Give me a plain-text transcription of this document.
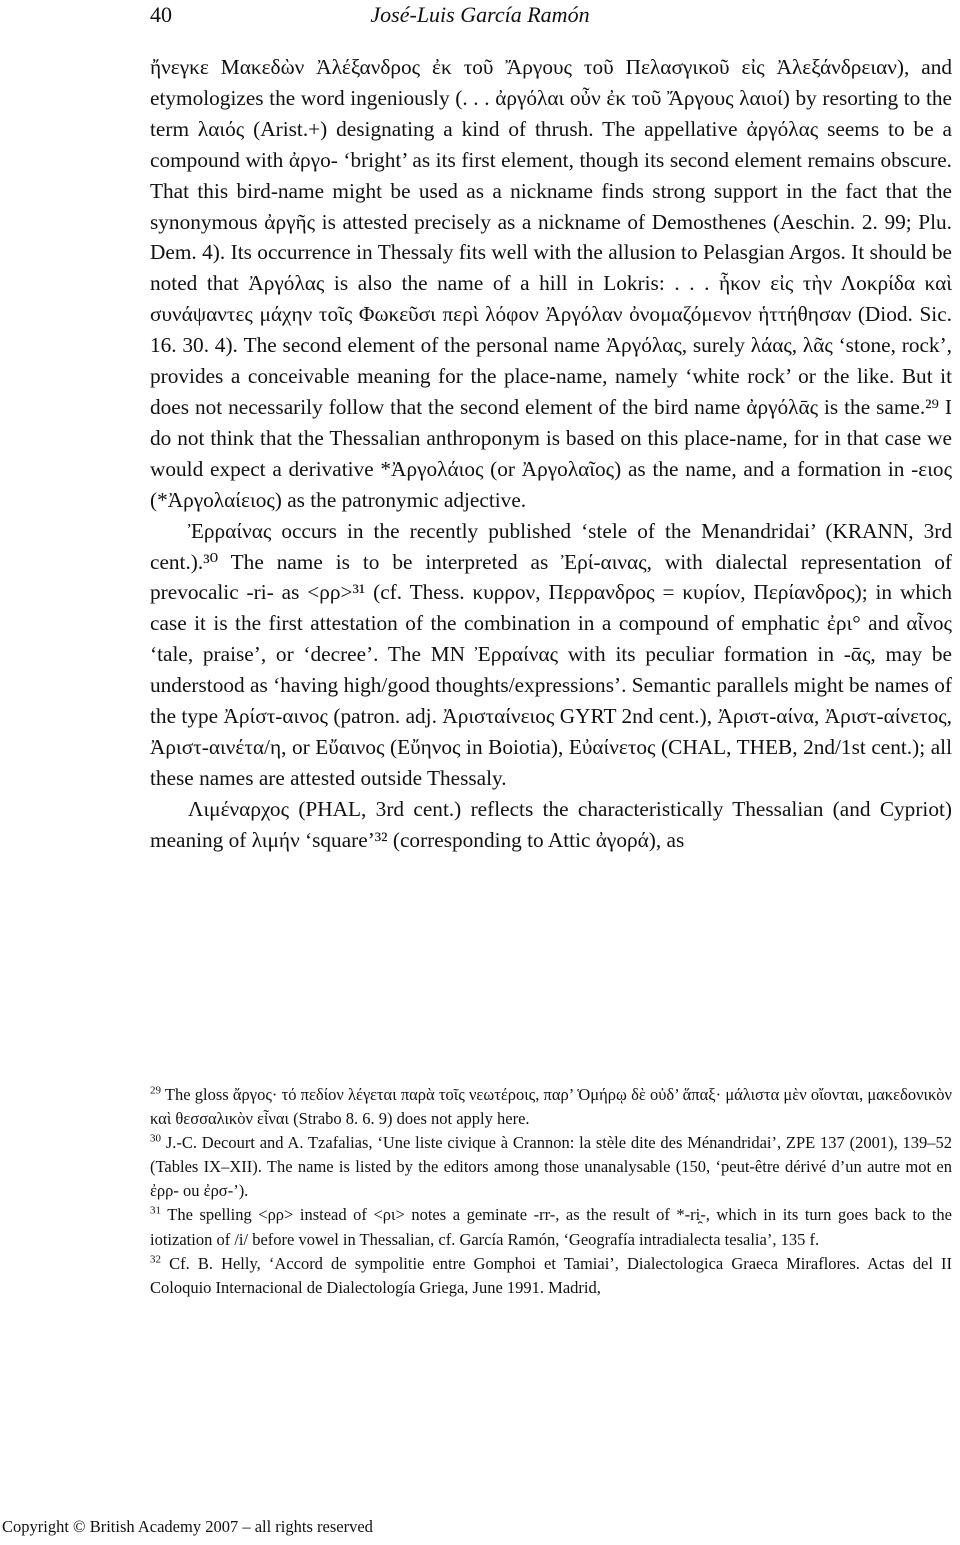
40	José-Luis García Ramón

ἤνεγκε Μακεδὼν Ἀλέξανδρος ἐκ τοῦ Ἄργους τοῦ Πελασγικοῦ εἰς Ἀλεξάνδρειαν), and etymologizes the word ingeniously (. . . ἀργόλαι οὖν ἐκ τοῦ Ἄργους λαιοί) by resorting to the term λαιός (Arist.+) designating a kind of thrush. The appellative ἀργόλας seems to be a compound with ἀργο- ‘bright’ as its first element, though its second element remains obscure. That this bird-name might be used as a nickname finds strong support in the fact that the synonymous ἀργῆς is attested precisely as a nickname of Demosthenes (Aeschin. 2. 99; Plu. Dem. 4). Its occurrence in Thessaly fits well with the allusion to Pelasgian Argos. It should be noted that Ἀργόλας is also the name of a hill in Lokris: . . . ἧκον εἰς τὴν Λοκρίδα καὶ συνάψαντες μάχην τοῖς Φωκεῦσι περὶ λόφον Ἀργόλαν ὀνομαζόμενον ἡττήθησαν (Diod. Sic. 16. 30. 4). The second element of the personal name Ἀργόλας, surely λάας, λᾶς ‘stone, rock’, provides a conceivable meaning for the place-name, namely ‘white rock’ or the like. But it does not necessarily follow that the second element of the bird name ἀργόλᾱς is the same.²⁹ I do not think that the Thessalian anthroponym is based on this place-name, for in that case we would expect a derivative *Ἀργολάιος (or Ἀργολαῖος) as the name, and a formation in -ειος (*Ἀργολαίειος) as the patronymic adjective.

Ἐρραίνας occurs in the recently published ‘stele of the Menandridai’ (KRANN, 3rd cent.).³⁰ The name is to be interpreted as Ἐρί-αινας, with dialectal representation of prevocalic -ri- as <ρρ>³¹ (cf. Thess. κυρρον, Περρανδρος = κυρίον, Περίανδρος); in which case it is the first attestation of the combination in a compound of emphatic ἐρι° and αἶνος ‘tale, praise’, or ‘decree’. The MN Ἐρραίνας with its peculiar formation in -ᾱς, may be understood as ‘having high/good thoughts/expressions’. Semantic parallels might be names of the type Ἀρίστ-αινος (patron. adj. Ἀρισταίνειος GYRT 2nd cent.), Ἀριστ-αίνα, Ἀριστ-αίνετος, Ἀριστ-αινέτα/η, or Εὔαινος (Εὔηνος in Boiotia), Εὐαίνετος (CHAL, THEB, 2nd/1st cent.); all these names are attested outside Thessaly.

Λιμέναρχος (PHAL, 3rd cent.) reflects the characteristically Thessalian (and Cypriot) meaning of λιμήν ‘square’³² (corresponding to Attic ἀγορά), as

$^{29}$ The gloss ἄργος· τό πεδίον λέγεται παρὰ τοῖς νεωτέροις, παρ’ Ὁμήρῳ δὲ οὐδ’ ἅπαξ· μάλιστα μὲν οἴονται, μακεδονικὸν καὶ θεσσαλικὸν εἶναι (Strabo 8. 6. 9) does not apply here.

$^{30}$ J.-C. Decourt and A. Tzafalias, ‘Une liste civique à Crannon: la stèle dite des Ménandridai’, ZPE 137 (2001), 139–52 (Tables IX–XII). The name is listed by the editors among those unanalysable (150, ‘peut-être dérivé d’un autre mot en ἐρρ- ou ἐρσ-’).

$^{31}$ The spelling <ρρ> instead of <ρι> notes a geminate -rr-, as the result of *-ri̯-, which in its turn goes back to the iotization of /i/ before vowel in Thessalian, cf. García Ramón, ‘Geografía intradialecta tesalia’, 135 f.

$^{32}$ Cf. B. Helly, ‘Accord de sympolitie entre Gomphoi et Tamiai’, Dialectologica Graeca Miraflores. Actas del II Coloquio Internacional de Dialectología Griega, June 1991. Madrid,

Copyright © British Academy 2007 – all rights reserved
